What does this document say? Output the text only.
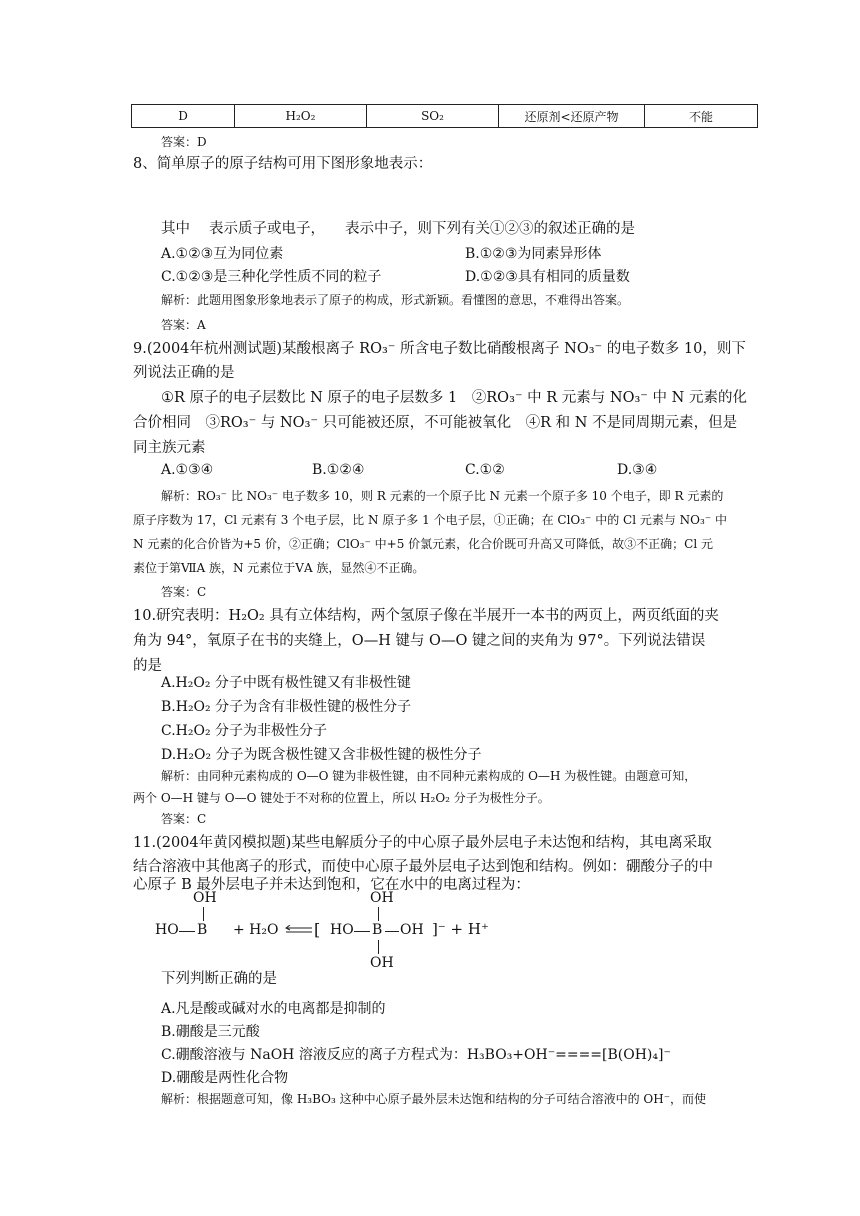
D	H₂O₂	SO₂	还原剂<还原产物	不能
答案：D
8、简单原子的原子结构可用下图形象地表示：
其中 表示质子或电子， 表示中子，则下列有关①②③的叙述正确的是
A.①②③互为同位素	B.①②③为同素异形体
C.①②③是三种化学性质不同的粒子	D.①②③具有相同的质量数
解析：此题用图象形象地表示了原子的构成，形式新颖。看懂图的意思，不难得出答案。
答案：A
9.(2004年杭州测试题)某酸根离子 RO₃⁻ 所含电子数比硝酸根离子 NO₃⁻ 的电子数多 10，则下
列说法正确的是
①R 原子的电子层数比 N 原子的电子层数多 1　②RO₃⁻ 中 R 元素与 NO₃⁻ 中 N 元素的化
合价相同　③RO₃⁻ 与 NO₃⁻ 只可能被还原，不可能被氧化　④R 和 N 不是同周期元素，但是
同主族元素
A.①③④	B.①②④	C.①②	D.③④
解析：RO₃⁻ 比 NO₃⁻ 电子数多 10，则 R 元素的一个原子比 N 元素一个原子多 10 个电子，即 R 元素的
原子序数为 17，Cl 元素有 3 个电子层，比 N 原子多 1 个电子层，①正确；在 ClO₃⁻ 中的 Cl 元素与 NO₃⁻ 中
N 元素的化合价皆为+5 价，②正确；ClO₃⁻ 中+5 价氯元素，化合价既可升高又可降低，故③不正确；Cl 元
素位于第ⅦA 族，N 元素位于ⅤA 族，显然④不正确。
答案：C
10.研究表明：H₂O₂ 具有立体结构，两个氢原子像在半展开一本书的两页上，两页纸面的夹
角为 94°，氧原子在书的夹缝上，O—H 键与 O—O 键之间的夹角为 97°。下列说法错误
的是
A.H₂O₂ 分子中既有极性键又有非极性键
B.H₂O₂ 分子为含有非极性键的极性分子
C.H₂O₂ 分子为非极性分子
D.H₂O₂ 分子为既含极性键又含非极性键的极性分子
解析：由同种元素构成的 O—O 键为非极性键，由不同种元素构成的 O—H 为极性键。由题意可知，
两个 O—H 键与 O—O 键处于不对称的位置上，所以 H₂O₂ 分子为极性分子。
答案：C
11.(2004年黄冈模拟题)某些电解质分子的中心原子最外层电子未达饱和结构，其电离采取
结合溶液中其他离子的形式，而使中心原子最外层电子达到饱和结构。例如：硼酸分子的中
心原子 B 最外层电子并未达到饱和，它在水中的电离过程为：
OH
HO B + H₂O [
OH
HO B OH ]⁻ + H⁺
OH
下列判断正确的是
A.凡是酸或碱对水的电离都是抑制的
B.硼酸是三元酸
C.硼酸溶液与 NaOH 溶液反应的离子方程式为：H₃BO₃+OH⁻====[B(OH)₄]⁻
D.硼酸是两性化合物
解析：根据题意可知，像 H₃BO₃ 这种中心原子最外层未达饱和结构的分子可结合溶液中的 OH⁻，而使
